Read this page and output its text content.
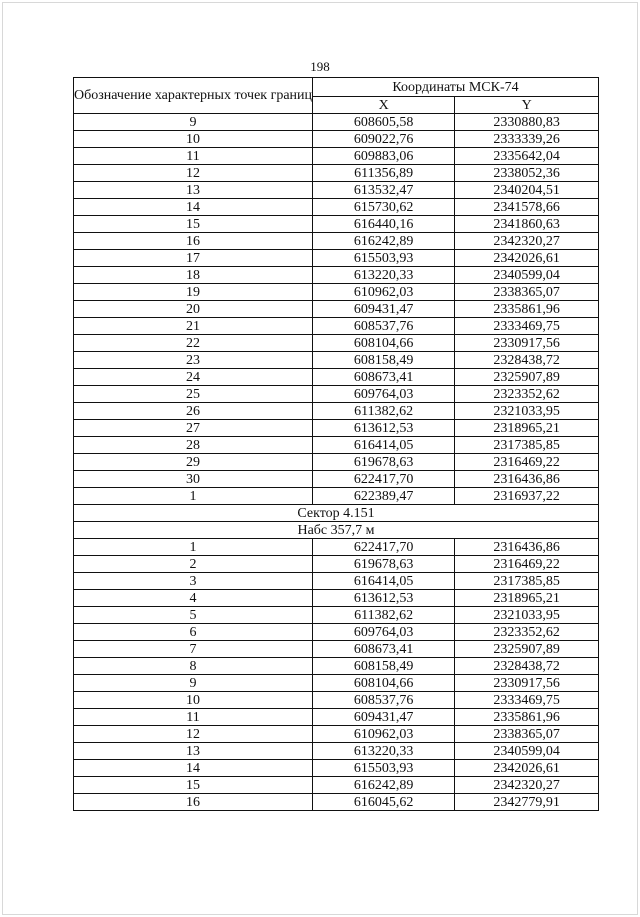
198
Обозначение характерных точек границ	Координаты МСК-74	
	X	Y
9	608605,58	2330880,83
10	609022,76	2333339,26
11	609883,06	2335642,04
12	611356,89	2338052,36
13	613532,47	2340204,51
14	615730,62	2341578,66
15	616440,16	2341860,63
16	616242,89	2342320,27
17	615503,93	2342026,61
18	613220,33	2340599,04
19	610962,03	2338365,07
20	609431,47	2335861,96
21	608537,76	2333469,75
22	608104,66	2330917,56
23	608158,49	2328438,72
24	608673,41	2325907,89
25	609764,03	2323352,62
26	611382,62	2321033,95
27	613612,53	2318965,21
28	616414,05	2317385,85
29	619678,63	2316469,22
30	622417,70	2316436,86
1	622389,47	2316937,22
Сектор 4.151		
Набс 357,7 м		
1	622417,70	2316436,86
2	619678,63	2316469,22
3	616414,05	2317385,85
4	613612,53	2318965,21
5	611382,62	2321033,95
6	609764,03	2323352,62
7	608673,41	2325907,89
8	608158,49	2328438,72
9	608104,66	2330917,56
10	608537,76	2333469,75
11	609431,47	2335861,96
12	610962,03	2338365,07
13	613220,33	2340599,04
14	615503,93	2342026,61
15	616242,89	2342320,27
16	616045,62	2342779,91
